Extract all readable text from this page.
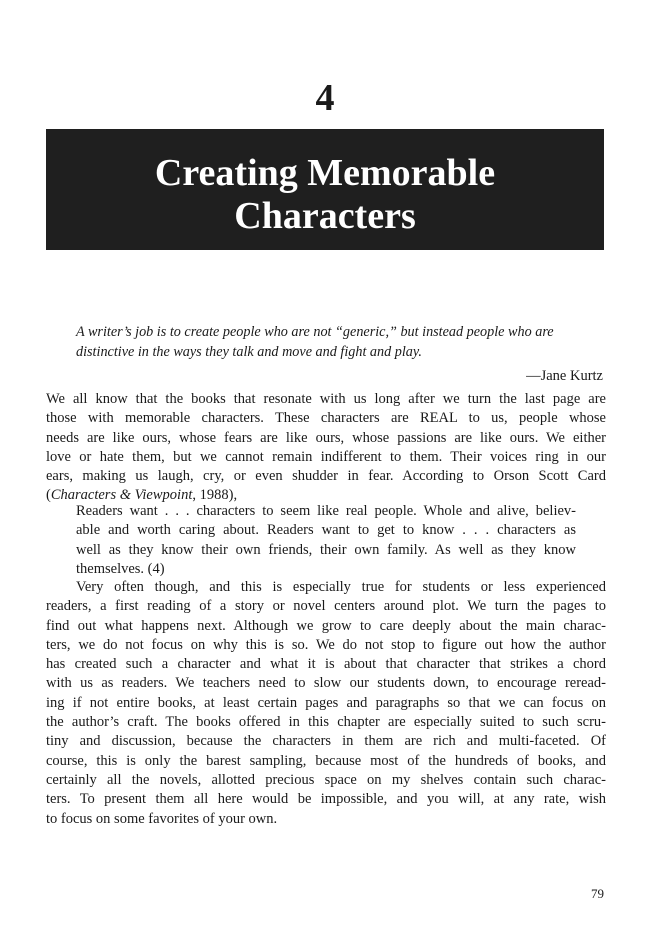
4
Creating Memorable
Characters
A writer’s job is to create people who are not “generic,” but instead people who are
distinctive in the ways they talk and move and fight and play.
—Jane Kurtz
We all know that the books that resonate with us long after we turn the last page are
those with memorable characters. These characters are REAL to us, people whose
needs are like ours, whose fears are like ours, whose passions are like ours. We either
love or hate them, but we cannot remain indifferent to them. Their voices ring in our
ears, making us laugh, cry, or even shudder in fear. According to Orson Scott Card
(Characters & Viewpoint, 1988),
Readers want . . . characters to seem like real people. Whole and alive, believ-
able and worth caring about. Readers want to get to know . . . characters as
well as they know their own friends, their own family. As well as they know
themselves. (4)
Very often though, and this is especially true for students or less experienced
readers, a first reading of a story or novel centers around plot. We turn the pages to
find out what happens next. Although we grow to care deeply about the main charac-
ters, we do not focus on why this is so. We do not stop to figure out how the author
has created such a character and what it is about that character that strikes a chord
with us as readers. We teachers need to slow our students down, to encourage reread-
ing if not entire books, at least certain pages and paragraphs so that we can focus on
the author’s craft. The books offered in this chapter are especially suited to such scru-
tiny and discussion, because the characters in them are rich and multi-faceted. Of
course, this is only the barest sampling, because most of the hundreds of books, and
certainly all the novels, allotted precious space on my shelves contain such charac-
ters. To present them all here would be impossible, and you will, at any rate, wish
to focus on some favorites of your own.
79
